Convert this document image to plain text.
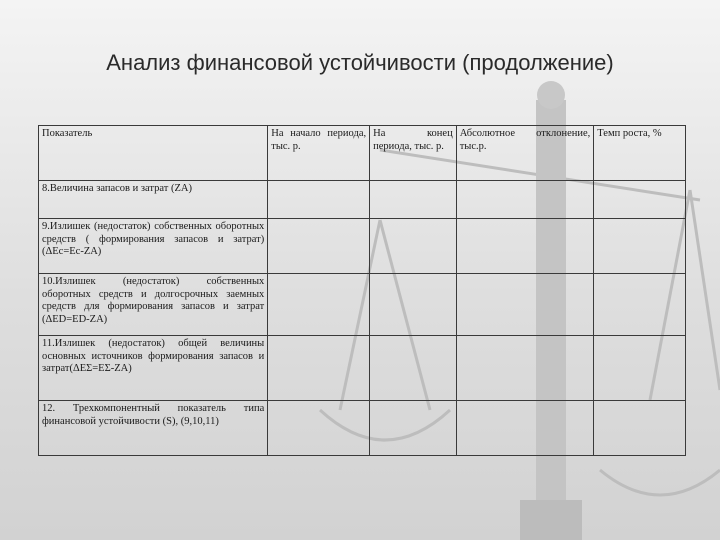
Анализ финансовой устойчивости (продолжение)
Показатель	На начало периода, тыс. р.	На конец периода, тыс. р.	Абсолютное отклонение, тыс.р.	Темп роста, %
8.Величина запасов и затрат (ZA)				
9.Излишек (недостаток) собственных оборотных средств ( формирования запасов и затрат) (ΔEc=Ec-ZA)				
10.Излишек (недостаток) собственных оборотных средств и долгосрочных заемных средств для формирования запасов и затрат (ΔED=ED-ZA)				
11.Излишек (недостаток) общей величины основных источников формирования запасов и затрат(ΔEΣ=EΣ-ZA)				
12. Трехкомпонентный показатель типа финансовой устойчивости (S), (9,10,11)				
